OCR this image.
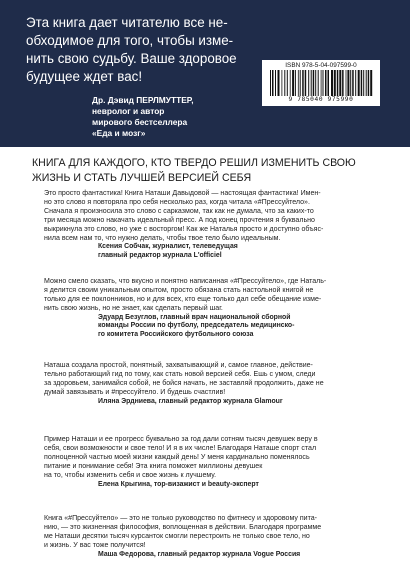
Эта книга дает читателю все не-
обходимое для того, чтобы изме-
нить свою судьбу. Ваше здоровое
будущее ждет вас!
Др. Дэвид ПЕРЛМУТТЕР,
невролог и автор
мирового бестселлера
«Еда и мозг»
ISBN 978-5-04-097599-0
9 785040 975990
КНИГА ДЛЯ КАЖДОГО, КТО ТВЕРДО РЕШИЛ ИЗМЕНИТЬ СВОЮ
ЖИЗНЬ И СТАТЬ ЛУЧШЕЙ ВЕРСИЕЙ СЕБЯ
Это просто фантастика! Книга Наташи Давыдовой — настоящая фантастика! Имен-
но это слово я повторяла про себя несколько раз, когда читала «#Прессуйтело».
Сначала я произносила это слово с сарказмом, так как не думала, что за каких-то
три месяца можно накачать идеальный пресс. А под конец прочтения я буквально
выкрикнула это слово, но уже с восторгом! Как же Наталья просто и доступно объяс-
нила всем нам то, что нужно делать, чтобы твое тело было идеальным.
Ксения Собчак, журналист, телеведущая
главный редактор журнала L'officiel
Можно смело сказать, что вкусно и понятно написанная «#Прессуйтело», где Наталь-
я делится своим уникальным опытом, просто обязана стать настольной книгой не
только для ее поклонников, но и для всех, кто еще только дал себе обещание изме-
нить свою жизнь, но не знает, как сделать первый шаг.
Эдуард Безуглов, главный врач национальной сборной
команды России по футболу, председатель медицинско-
го комитета Российского футбольного союза
Наташа создала простой, понятный, захватывающий и, самое главное, действие-
тельно работающий гид по тому, как стать новой версией себя. Ешь с умом, следи
за здоровьем, занимайся собой, не бойся начать, не заставляй продолжить, даже не
думай завязывать и #прессуйтело. И будешь счастлив!
Иляна Эрдниева, главный редактор журнала Glamour
Пример Наташи и ее прогресс буквально за год дали сотням тысяч девушек веру в
себя, свои возможности и свое тело! И я в их числе! Благодаря Наташе спорт стал
полноценной частью моей жизни каждый день! У меня кардинально поменялось
питание и понимание себя! Эта книга поможет миллионы девушек
на то, чтобы изменить себя и свое жизнь к лучшему.
Елена Крыгина, тор-визажист и beauty-эксперт
Книга «#Прессуйтело» — это не только руководство по фитнесу и здоровому пита-
нию, — это жизненная философия, воплощенная в действии. Благодаря программе
ме Наташи десятки тысяч курсанток смогли перестроить не только свое тело, но
и жизнь. У вас тоже получится!
Маша Федорова, главный редактор журнала Vogue Россия
